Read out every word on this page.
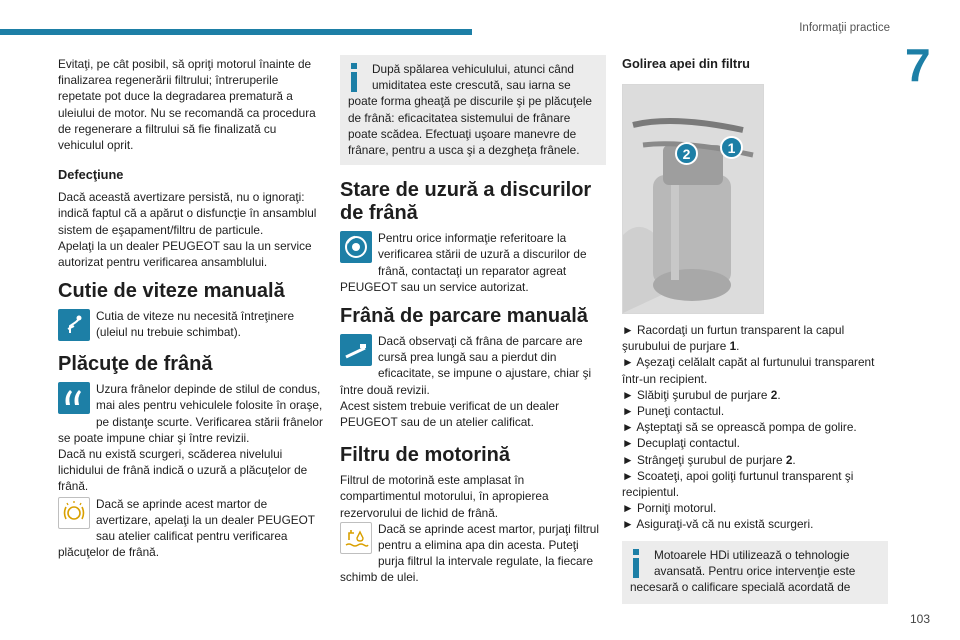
Informaţii practice
7

Evitaţi, pe cât posibil, să opriţi motorul înainte de finalizarea regenerării filtrului; întreruperile repetate pot duce la degradarea prematură a uleiului de motor. Nu se recomandă ca procedura de regenerare a filtrului să fie finalizată cu vehiculul oprit.

Defecţiune

Dacă această avertizare persistă, nu o ignoraţi: indică faptul că a apărut o disfuncţie în ansamblul sistem de eşapament/filtru de particule.

Apelaţi la un dealer PEUGEOT sau la un service autorizat pentru verificarea ansamblului.

Cutie de viteze manuală

Cutia de viteze nu necesită întreţinere (uleiul nu trebuie schimbat).

Plăcuţe de frână

Uzura frânelor depinde de stilul de condus, mai ales pentru vehiculele folosite în oraşe, pe distanţe scurte. Verificarea stării frânelor se poate impune chiar şi între revizii.

Dacă nu există scurgeri, scăderea nivelului lichidului de frână indică o uzură a plăcuţelor de frână.

Dacă se aprinde acest martor de avertizare, apelaţi la un dealer PEUGEOT sau atelier calificat pentru verificarea plăcuţelor de frână.

După spălarea vehiculului, atunci când umiditatea este crescută, sau iarna se poate forma gheaţă pe discurile şi pe plăcuţele de frână: eficacitatea sistemului de frânare poate scădea. Efectuaţi uşoare manevre de frânare, pentru a usca şi a dezgheţa frânele.

Stare de uzură a discurilor de frână

Pentru orice informaţie referitoare la verificarea stării de uzură a discurilor de frână, contactaţi un reparator agreat PEUGEOT sau un service autorizat.

Frână de parcare manuală

Dacă observaţi că frâna de parcare are cursă prea lungă sau a pierdut din eficacitate, se impune o ajustare, chiar şi între două revizii.

Acest sistem trebuie verificat de un dealer PEUGEOT sau de un atelier calificat.

Filtru de motorină

Filtrul de motorină este amplasat în compartimentul motorului, în apropierea rezervorului de lichid de frână.

Dacă se aprinde acest martor, purjaţi filtrul pentru a elimina apa din acesta. Puteţi purja filtrul la intervale regulate, la fiecare schimb de ulei.

Golirea apei din filtru
2	1

► Racordaţi un furtun transparent la capul şurubului de purjare 1.

► Aşezaţi celălalt capăt al furtunului transparent într-un recipient.

► Slăbiţi şurubul de purjare 2.

► Puneţi contactul.

► Aşteptaţi să se oprească pompa de golire.

► Decuplaţi contactul.

► Strângeţi şurubul de purjare 2.

► Scoateţi, apoi goliţi furtunul transparent şi recipientul.

► Porniţi motorul.

► Asiguraţi-vă că nu există scurgeri.

Motoarele HDi utilizează o tehnologie avansată. Pentru orice intervenţie este necesară o calificare specială acordată de

103
